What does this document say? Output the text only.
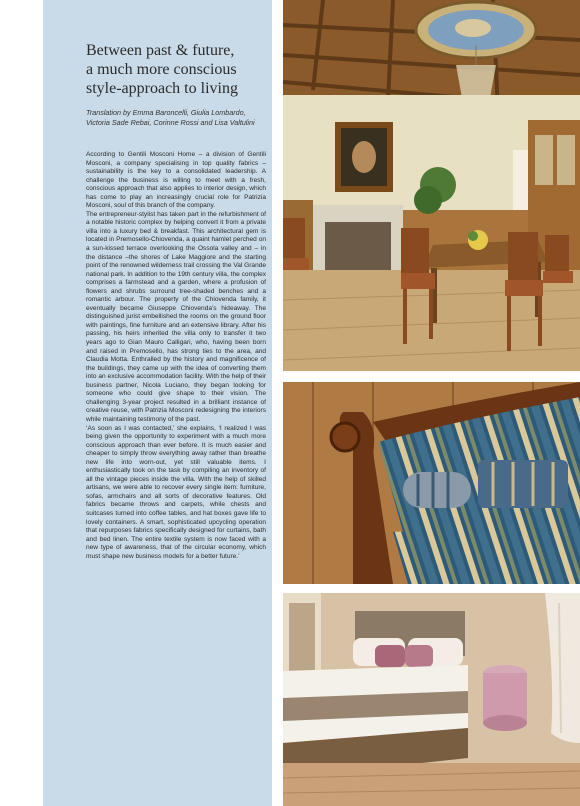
Between past & future,
a much more conscious
style-approach to living
Translation by Emma Baroncelli, Giulia Lombardo, Victoria Sade Rebai, Corinne Rossi and Lisa Valtulini

According to Gentili Mosconi Home – a division of Gentili Mosconi, a company specialising in top quality fabrics – sustainability is the key to a consolidated leadership. A challenge the business is willing to meet with a fresh, conscious approach that also applies to interior design, which has come to play an increasingly crucial role for Patrizia Mosconi, soul of this branch of the company.

The entrepreneur-stylist has taken part in the refurbishment of a notable historic complex by helping convert it from a private villa into a luxury bed & breakfast. This architectural gem is located in Premosello-Chiovenda, a quaint hamlet perched on a sun-kissed terrace overlooking the Ossola valley and – in the distance –the shores of Lake Maggiore and the starting point of the renowned wilderness trail crossing the Val Grande national park. In addition to the 19th century villa, the complex comprises a farmstead and a garden, where a profusion of flowers and shrubs surround tree-shaded benches and a romantic arbour. The property of the Chiovenda family, it eventually became Giuseppe Chiovenda’s hideaway. The distinguished jurist embellished the rooms on the ground floor with paintings, fine furniture and an extensive library. After his passing, his heirs inherited the villa only to transfer it two years ago to Gian Mauro Calligari, who, having been born and raised in Premosello, has strong ties to the area, and Claudia Motta. Enthralled by the history and magnificence of the buildings, they came up with the idea of converting them into an exclusive accommodation facility. With the help of their business partner, Nicola Luciano, they began looking for someone who could give shape to their vision. The challenging 3-year project resulted in a brilliant instance of creative reuse, with Patrizia Mosconi redesigning the interiors while maintaining testimony of the past.

‘As soon as I was contacted,’ she explains, ‘I realized I was being given the opportunity to experiment with a much more conscious approach than ever before. It is much easier and cheaper to simply throw everything away rather than breathe new life into worn-out, yet still valuable items. I enthusiastically took on the task by compiling an inventory of all the vintage pieces inside the villa. With the help of skilled artisans, we were able to recover every single item: furniture, sofas, armchairs and all sorts of decorative features. Old fabrics became throws and carpets, while chests and suitcases turned into coffee tables, and hat boxes gave life to lovely containers. A smart, sophisticated upcycling operation that repurposes fabrics specifically designed for curtains, bath and bed linen. The entire textile system is now faced with a new type of awareness, that of the circular economy, which must shape new business models for a better future.’
